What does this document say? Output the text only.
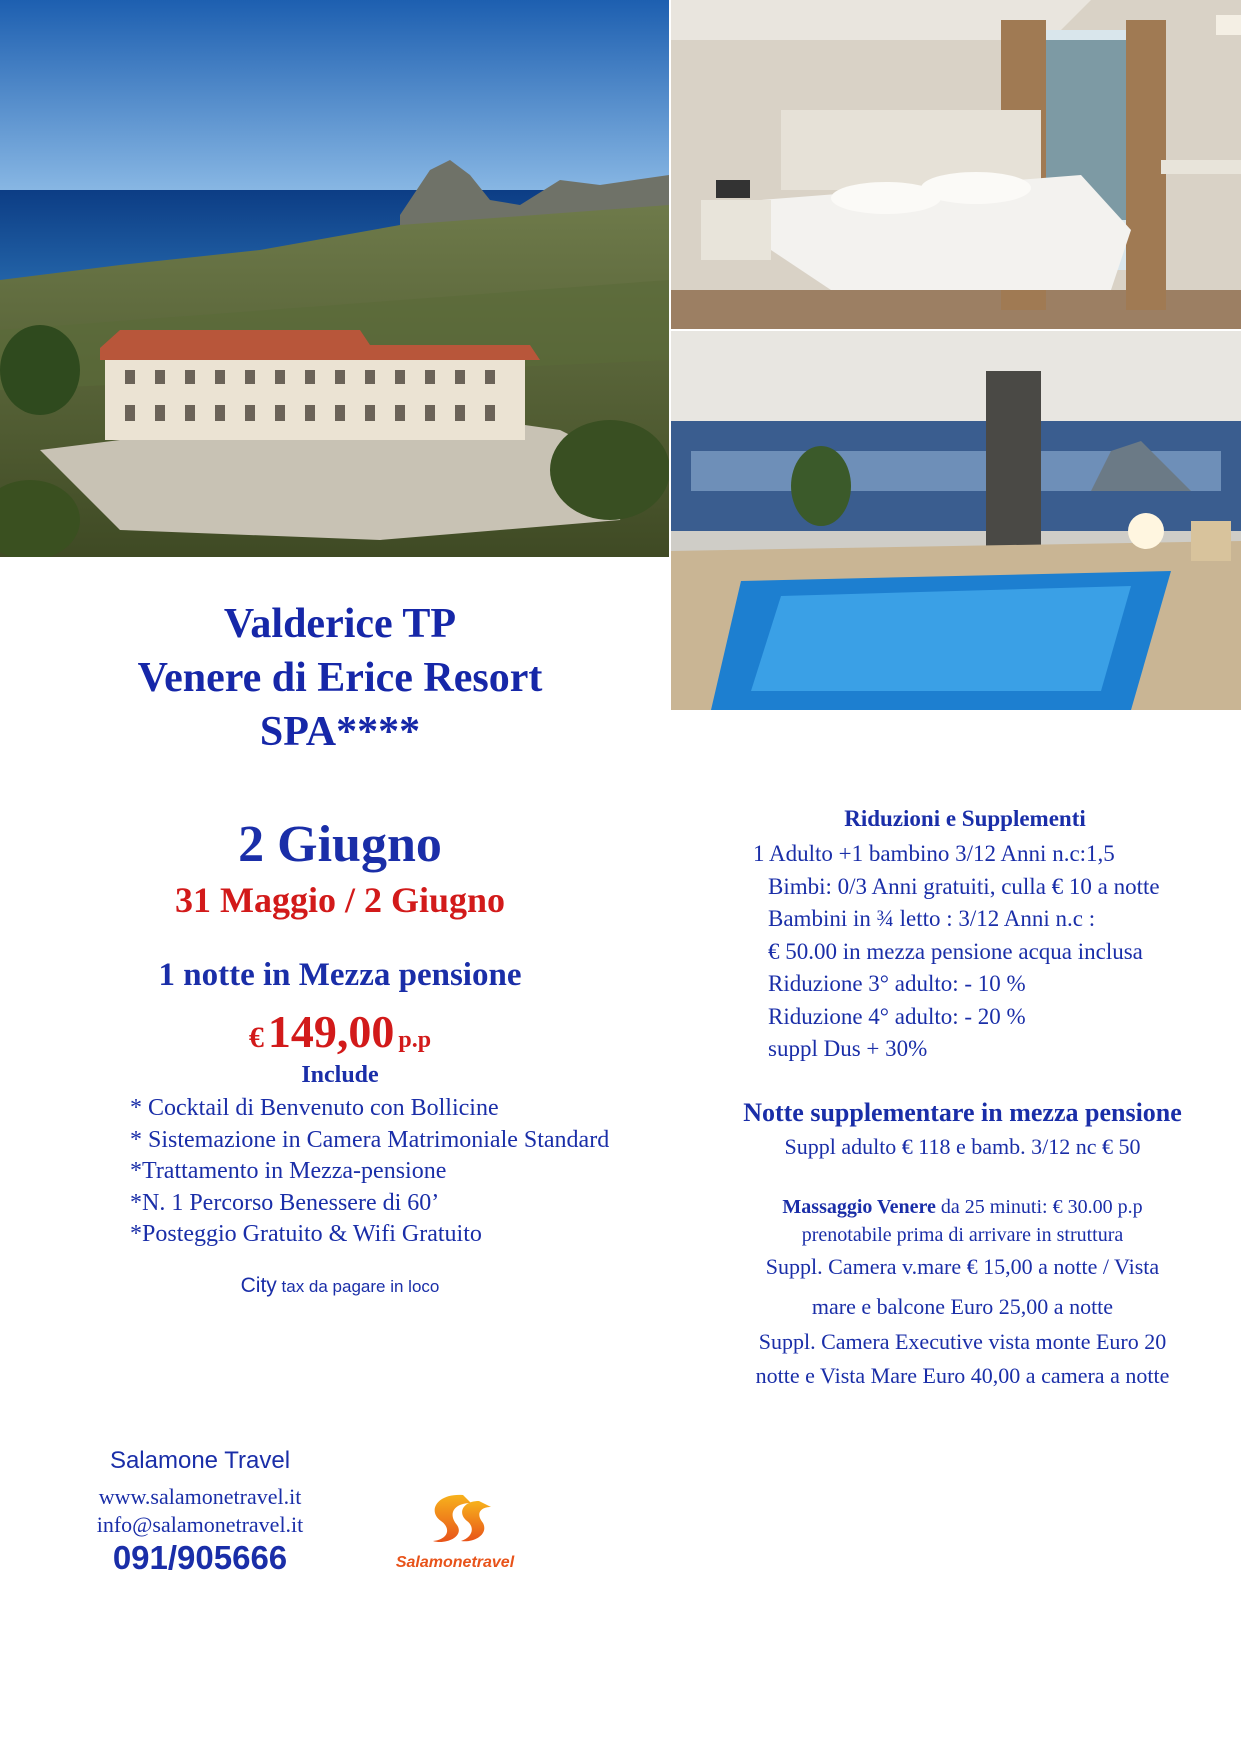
Valderice TP
Venere di Erice Resort
SPA****
2 Giugno
31 Maggio / 2 Giugno
1 notte in Mezza pensione
€ 149,00 p.p
Include
* Cocktail di Benvenuto con Bollicine
* Sistemazione in Camera Matrimoniale Standard
*Trattamento in Mezza-pensione
*N. 1 Percorso Benessere di 60’
*Posteggio Gratuito & Wifi Gratuito
City tax da pagare in loco
Riduzioni e Supplementi
1 Adulto +1 bambino 3/12 Anni n.c:1,5
Bimbi: 0/3 Anni gratuiti, culla € 10 a notte
Bambini in ¾ letto : 3/12 Anni n.c :
€ 50.00 in mezza pensione acqua inclusa
Riduzione 3° adulto: - 10 %
Riduzione 4° adulto: - 20 %
suppl Dus + 30%
Notte supplementare in mezza pensione
Suppl adulto € 118 e bamb. 3/12 nc € 50
Massaggio Venere da 25 minuti: € 30.00 p.p
prenotabile prima di arrivare in struttura
Suppl. Camera v.mare € 15,00 a notte / Vista
mare e balcone Euro 25,00 a notte
Suppl. Camera Executive vista monte Euro 20
notte e Vista Mare Euro 40,00 a camera a notte
Salamone Travel
www.salamonetravel.it
info@salamonetravel.it
091/905666	Salamonetravel
